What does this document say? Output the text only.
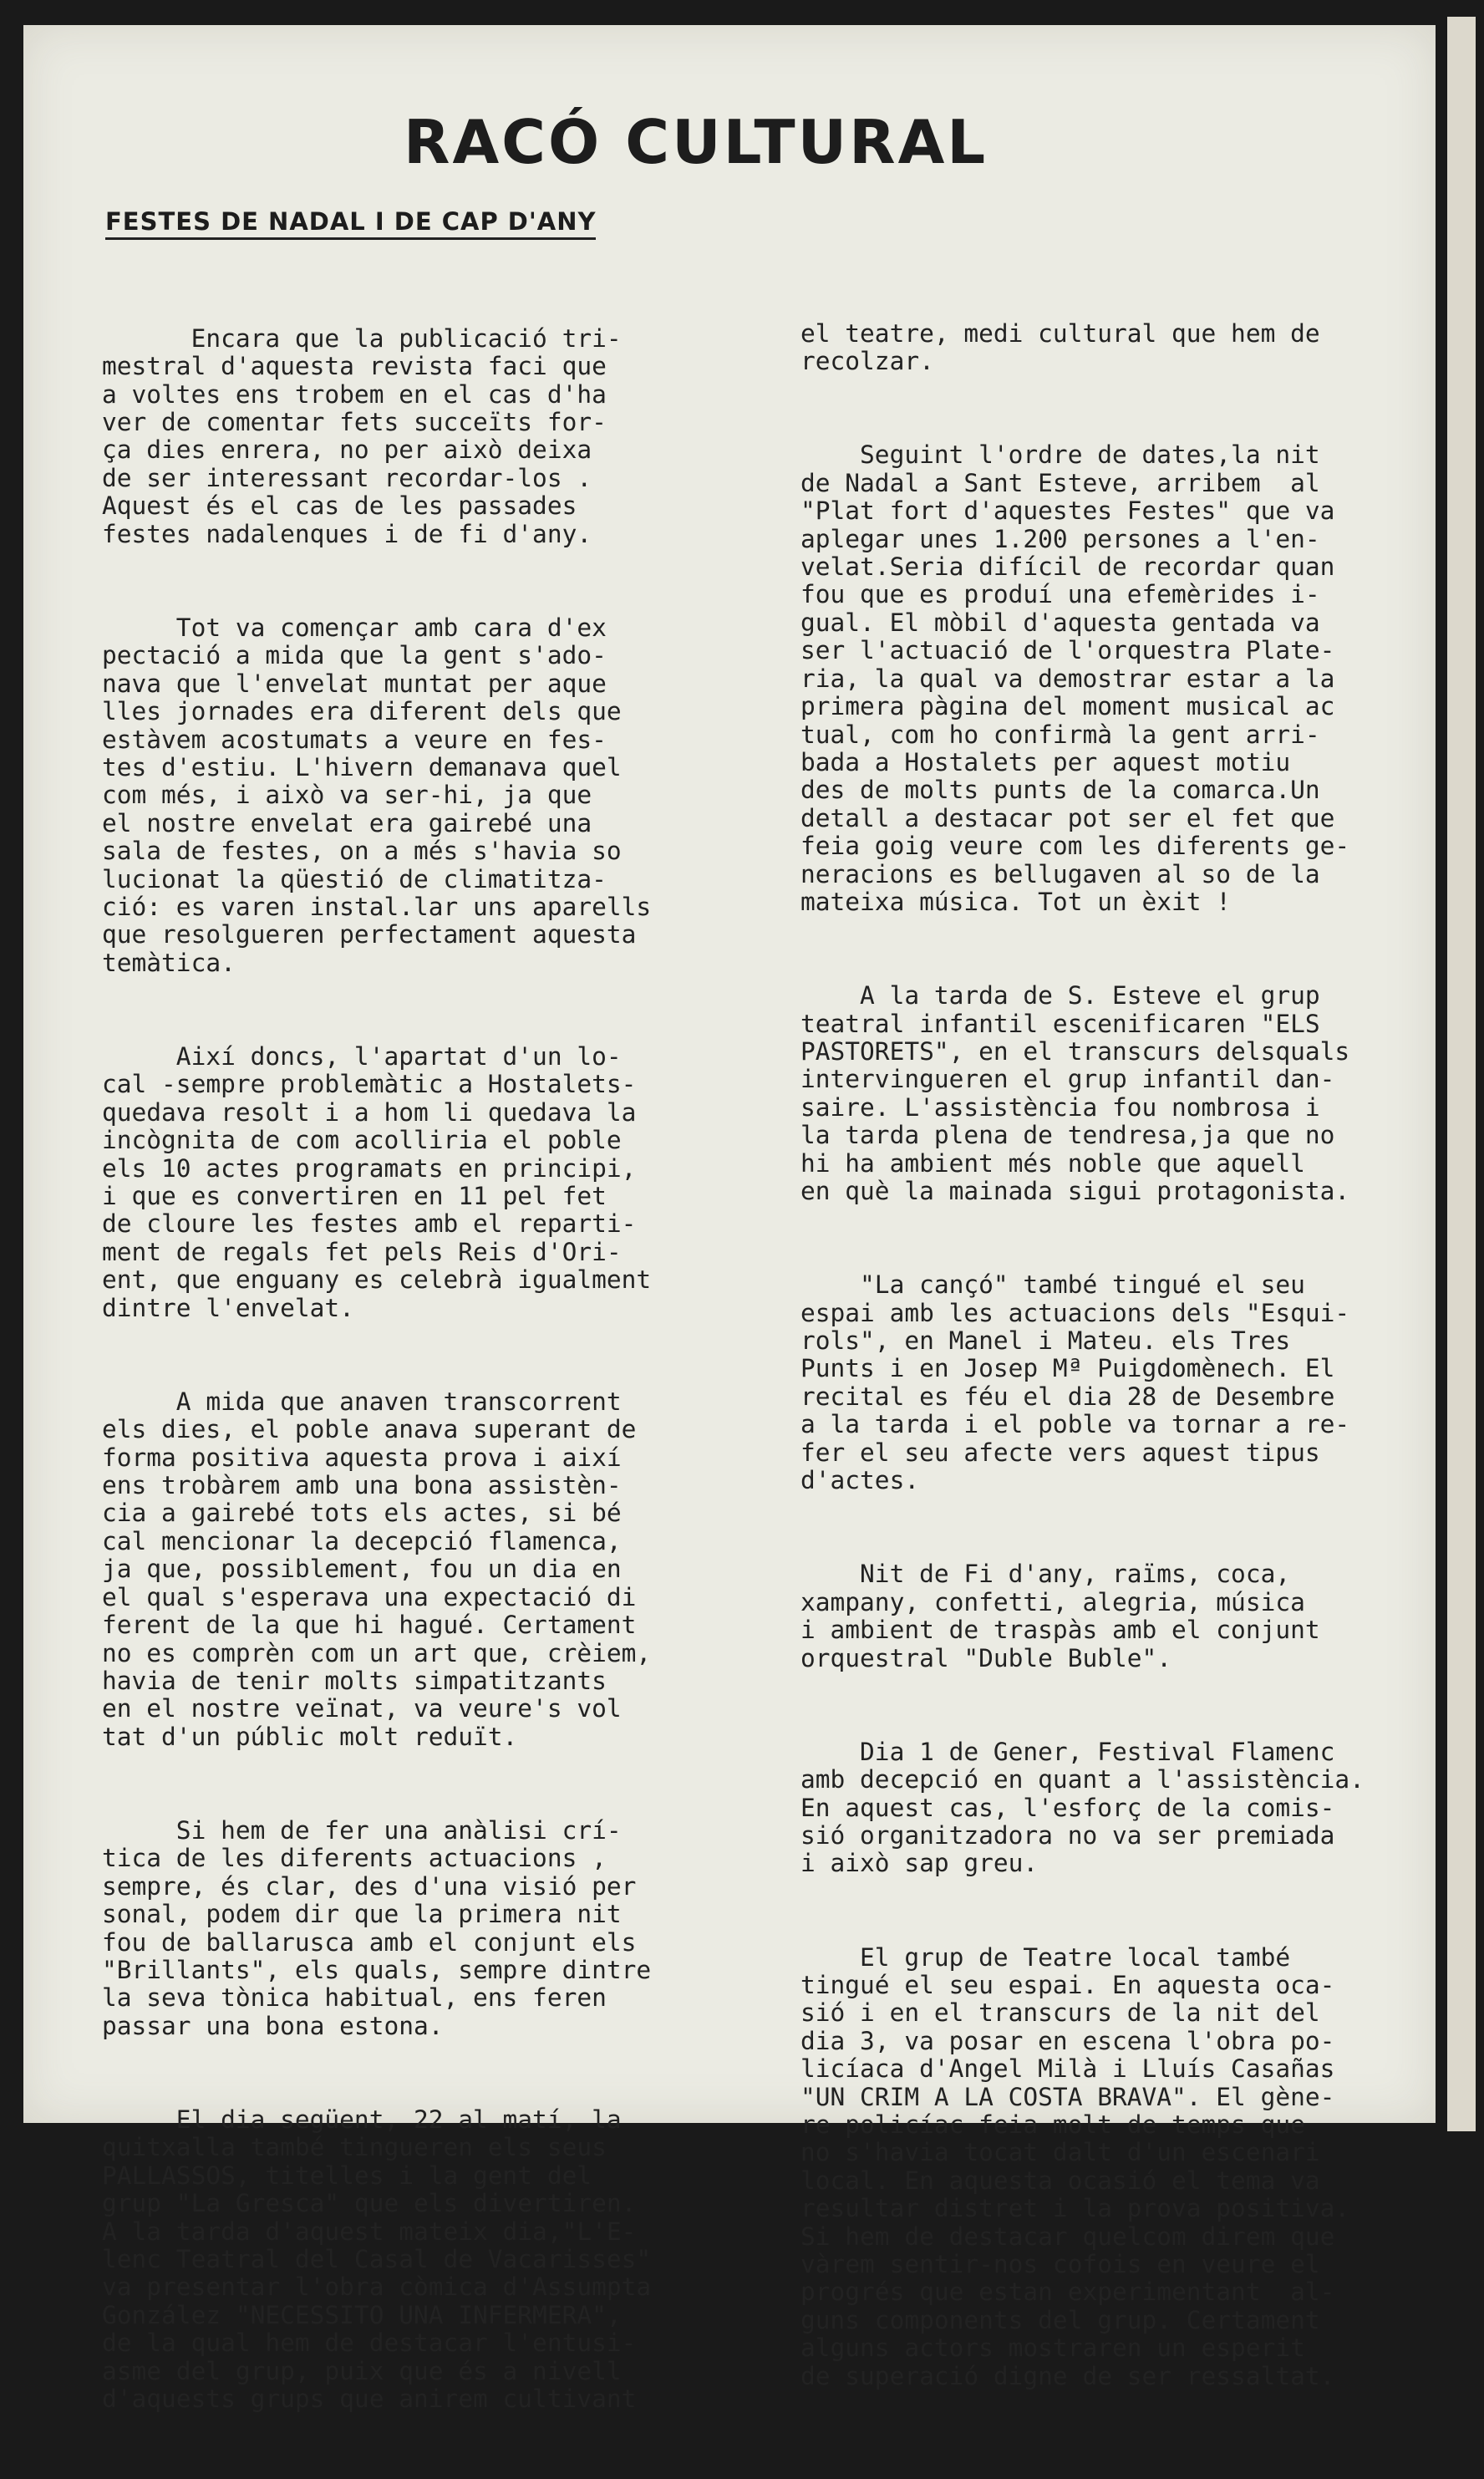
RACÓ CULTURAL
FESTES DE NADAL I DE CAP D'ANY

Encara que la publicació tri-
mestral d'aquesta revista faci que
a voltes ens trobem en el cas d'ha
ver de comentar fets succeïts for-
ça dies enrera, no per això deixa
de ser interessant recordar-los .
Aquest és el cas de les passades
festes nadalenques i de fi d'any.

Tot va començar amb cara d'ex
pectació a mida que la gent s'ado-
nava que l'envelat muntat per aque
lles jornades era diferent dels que
estàvem acostumats a veure en fes-
tes d'estiu. L'hivern demanava quel
com més, i això va ser-hi, ja que
el nostre envelat era gairebé una
sala de festes, on a més s'havia so
lucionat la qüestió de climatitza-
ció: es varen instal.lar uns aparells
que resolgueren perfectament aquesta
temàtica.

Així doncs, l'apartat d'un lo-
cal -sempre problemàtic a Hostalets-
quedava resolt i a hom li quedava la
incògnita de com acolliria el poble
els 10 actes programats en principi,
i que es convertiren en 11 pel fet
de cloure les festes amb el reparti-
ment de regals fet pels Reis d'Ori-
ent, que enguany es celebrà igualment
dintre l'envelat.

A mida que anaven transcorrent
els dies, el poble anava superant de
forma positiva aquesta prova i així
ens trobàrem amb una bona assistèn-
cia a gairebé tots els actes, si bé
cal mencionar la decepció flamenca,
ja que, possiblement, fou un dia en
el qual s'esperava una expectació di
ferent de la que hi hagué. Certament
no es comprèn com un art que, crèiem,
havia de tenir molts simpatitzants
en el nostre veïnat, va veure's vol
tat d'un públic molt reduït.

Si hem de fer una anàlisi crí-
tica de les diferents actuacions ,
sempre, és clar, des d'una visió per
sonal, podem dir que la primera nit
fou de ballarusca amb el conjunt els
"Brillants", els quals, sempre dintre
la seva tònica habitual, ens feren
passar una bona estona.

El dia següent, 22 al matí, la
quitxalla també tingueren els seus
PALLASSOS, titelles i la gent del
grup "La Gresca" que els divertiren.
A la tarda d'aquest mateix dia,"L'E-
lenc Teatral del Casal de Vacarisses"
va presentar l'obra còmica d'Assumpta
González "NECESSITO UNA INFERMERA",
de la qual hem de destacar l'entusi-
asme del grup, puix que és a nivell
d'aquests grups que anirem cultivant

el teatre, medi cultural que hem de
recolzar.

Seguint l'ordre de dates,la nit
de Nadal a Sant Esteve, arribem  al
"Plat fort d'aquestes Festes" que va
aplegar unes 1.200 persones a l'en-
velat.Seria difícil de recordar quan
fou que es produí una efemèrides i-
gual. El mòbil d'aquesta gentada va
ser l'actuació de l'orquestra Plate-
ria, la qual va demostrar estar a la
primera pàgina del moment musical ac
tual, com ho confirmà la gent arri-
bada a Hostalets per aquest motiu
des de molts punts de la comarca.Un
detall a destacar pot ser el fet que
feia goig veure com les diferents ge-
neracions es bellugaven al so de la
mateixa música. Tot un èxit !

A la tarda de S. Esteve el grup
teatral infantil escenificaren "ELS
PASTORETS", en el transcurs delsquals
intervingueren el grup infantil dan-
saire. L'assistència fou nombrosa i
la tarda plena de tendresa,ja que no
hi ha ambient més noble que aquell
en què la mainada sigui protagonista.

"La cançó" també tingué el seu
espai amb les actuacions dels "Esqui-
rols", en Manel i Mateu. els Tres
Punts i en Josep Mª Puigdomènech. El
recital es féu el dia 28 de Desembre
a la tarda i el poble va tornar a re-
fer el seu afecte vers aquest tipus
d'actes.

Nit de Fi d'any, raïms, coca,
xampany, confetti, alegria, música
i ambient de traspàs amb el conjunt
orquestral "Duble Buble".

Dia 1 de Gener, Festival Flamenc
amb decepció en quant a l'assistència.
En aquest cas, l'esforç de la comis-
sió organitzadora no va ser premiada
i això sap greu.

El grup de Teatre local també
tingué el seu espai. En aquesta oca-
sió i en el transcurs de la nit del
dia 3, va posar en escena l'obra po-
licíaca d'Angel Milà i Lluís Casañas
"UN CRIM A LA COSTA BRAVA". El gène-
re policíac feia molt de temps que
no s'havia tocat dalt d'un escenari
local. En aquesta ocasió el tema va
resultar distret i la prova positiva.
Si hem de destacar quelcom direm que
vàrem sentir-nos cofois en veure el
progrés que estan experimentant  al-
guns components del grup. Certament
alguns actors mostraren un esperit
de superació digne de ser ressaltat.
